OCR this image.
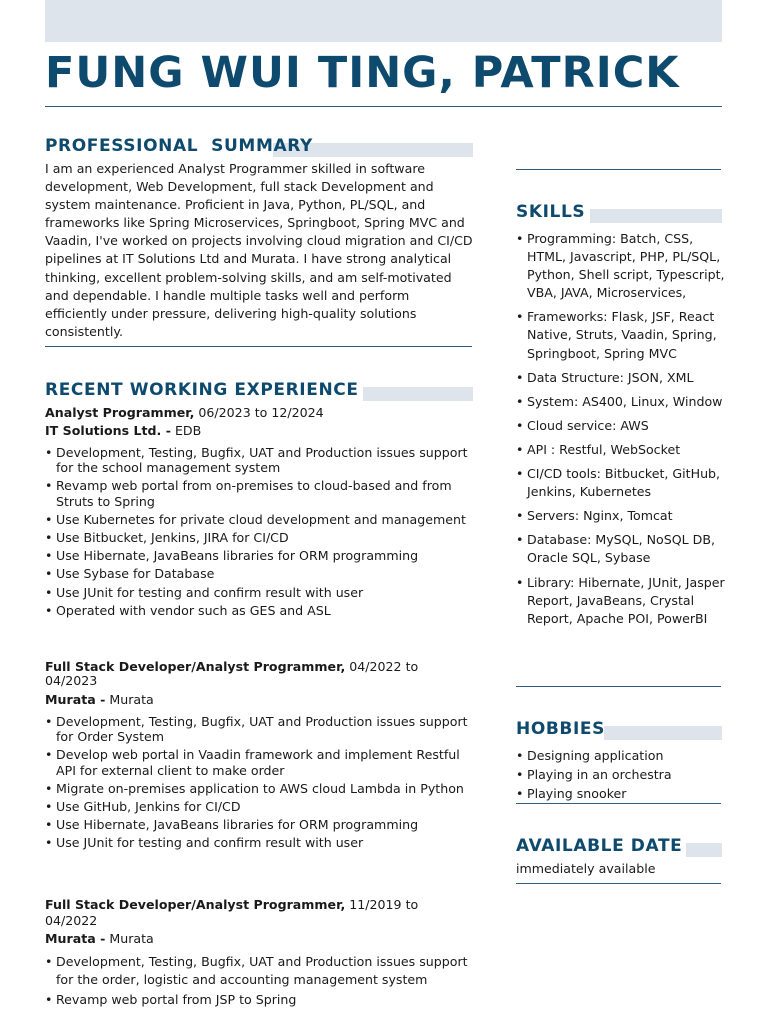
FUNG WUI TING, PATRICK
PROFESSIONAL  SUMMARY

I am an experienced Analyst Programmer skilled in software development, Web Development, full stack Development and system maintenance. Proficient in Java, Python, PL/SQL, and frameworks like Spring Microservices, Springboot, Spring MVC and Vaadin, I've worked on projects involving cloud migration and CI/CD pipelines at IT Solutions Ltd and Murata. I have strong analytical thinking, excellent problem-solving skills, and am self-motivated and dependable. I handle multiple tasks well and perform efficiently under pressure, delivering high-quality solutions consistently.

RECENT WORKING EXPERIENCE

Analyst Programmer, 06/2023 to 12/2024

IT Solutions Ltd. - EDB

• Development, Testing, Bugfix, UAT and Production issues support for the school management system
• Revamp web portal from on-premises to cloud-based and from Struts to Spring
• Use Kubernetes for private cloud development and management
• Use Bitbucket, Jenkins, JIRA for CI/CD
• Use Hibernate, JavaBeans libraries for ORM programming
• Use Sybase for Database
• Use JUnit for testing and confirm result with user
• Operated with vendor such as GES and ASL

Full Stack Developer/Analyst Programmer, 04/2022 to 04/2023

Murata - Murata

• Development, Testing, Bugfix, UAT and Production issues support for Order System
• Develop web portal in Vaadin framework and implement Restful API for external client to make order
• Migrate on-premises application to AWS cloud Lambda in Python
• Use GitHub, Jenkins for CI/CD
• Use Hibernate, JavaBeans libraries for ORM programming
• Use JUnit for testing and confirm result with user

Full Stack Developer/Analyst Programmer, 11/2019 to 04/2022

Murata - Murata

• Development, Testing, Bugfix, UAT and Production issues support for the order, logistic and accounting management system
• Revamp web portal from JSP to Spring
SKILLS
• Programming: Batch, CSS, HTML, Javascript, PHP, PL/SQL, Python, Shell script, Typescript, VBA, JAVA, Microservices,
• Frameworks: Flask, JSF, React Native, Struts, Vaadin, Spring, Springboot, Spring MVC
• Data Structure: JSON, XML
• System: AS400, Linux, Window
• Cloud service: AWS
• API : Restful, WebSocket
• CI/CD tools: Bitbucket, GitHub, Jenkins, Kubernetes
• Servers: Nginx, Tomcat
• Database: MySQL, NoSQL DB, Oracle SQL, Sybase
• Library: Hibernate, JUnit, Jasper Report, JavaBeans, Crystal Report, Apache POI, PowerBI
HOBBIES
• Designing application
• Playing in an orchestra
• Playing snooker
AVAILABLE DATE

immediately available
